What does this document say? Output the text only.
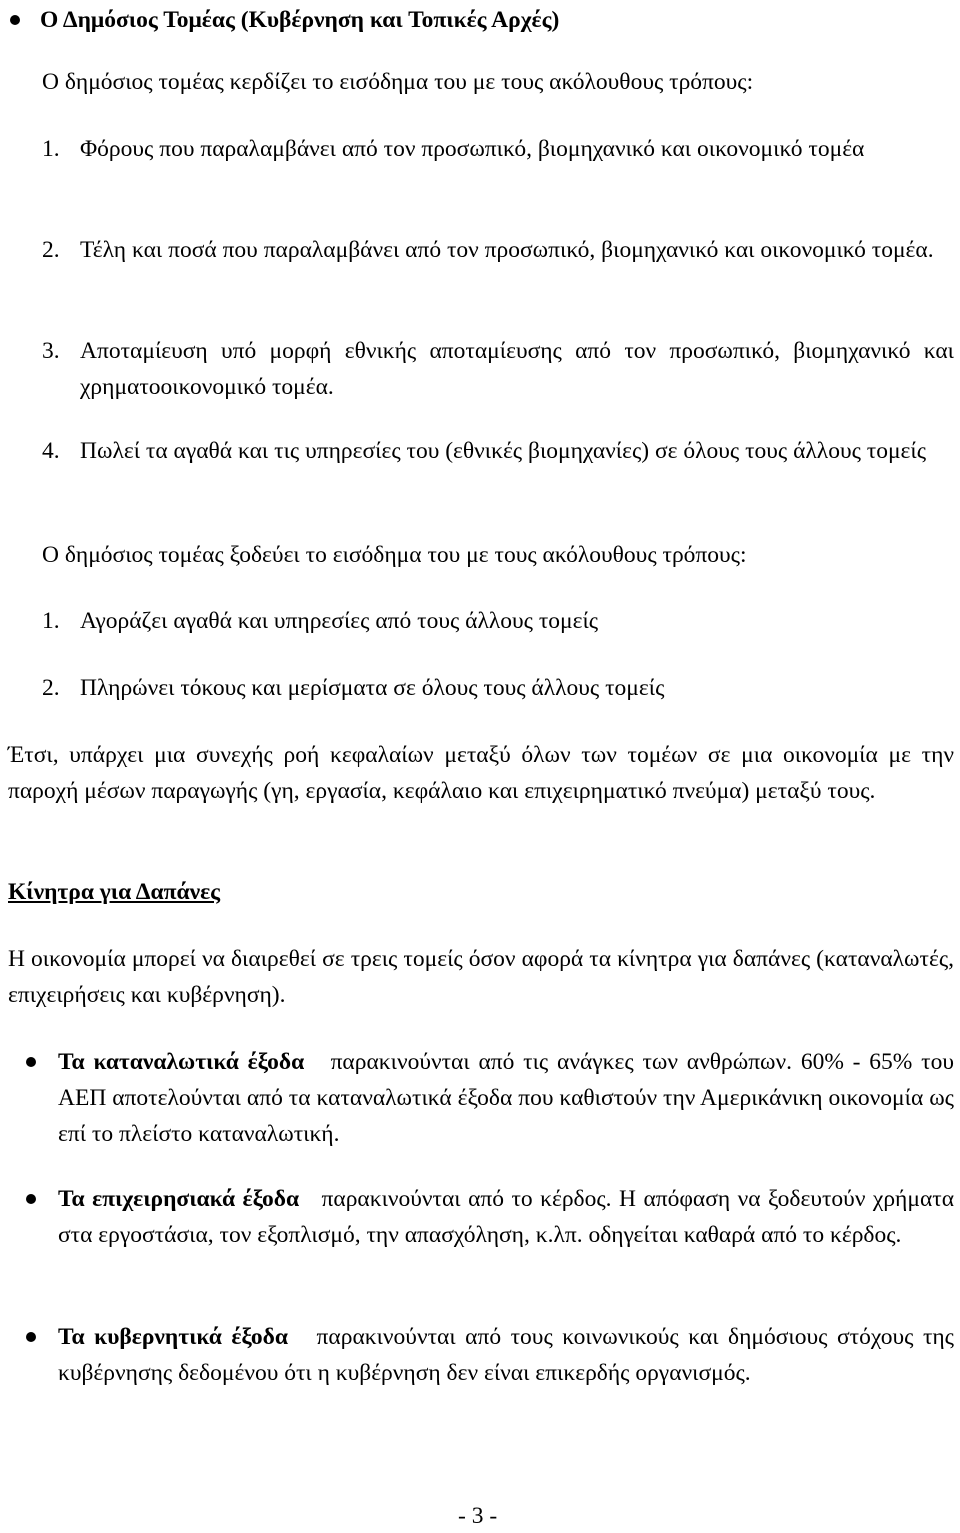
Ο Δημόσιος Τομέας (Κυβέρνηση και Τοπικές Αρχές)

Ο δημόσιος τομέας κερδίζει το εισόδημα του με τους ακόλουθους τρόπους:

1. Φόρους που παραλαμβάνει από τον προσωπικό, βιομηχανικό και οικονομικό τομέα
2. Τέλη και ποσά που παραλαμβάνει από τον προσωπικό, βιομηχανικό και οικονομικό τομέα.
3. Αποταμίευση υπό μορφή εθνικής αποταμίευσης από τον προσωπικό, βιομηχανικό και χρηματοοικονομικό τομέα.
4. Πωλεί τα αγαθά και τις υπηρεσίες του (εθνικές βιομηχανίες) σε όλους τους άλλους τομείς

Ο δημόσιος τομέας ξοδεύει το εισόδημα του με τους ακόλουθους τρόπους:

1. Αγοράζει αγαθά και υπηρεσίες από τους άλλους τομείς
2. Πληρώνει τόκους και μερίσματα σε όλους τους άλλους τομείς

Έτσι, υπάρχει μια συνεχής ροή κεφαλαίων μεταξύ όλων των τομέων σε μια οικονομία με την παροχή μέσων παραγωγής (γη, εργασία, κεφάλαιο και επιχειρηματικό πνεύμα) μεταξύ τους.

Κίνητρα για Δαπάνες

Η οικονομία μπορεί να διαιρεθεί σε τρεις τομείς όσον αφορά τα κίνητρα για δαπάνες (καταναλωτές, επιχειρήσεις και κυβέρνηση).

Τα καταναλωτικά έξοδα παρακινούνται από τις ανάγκες των ανθρώπων. 60% - 65% του ΑΕΠ αποτελούνται από τα καταναλωτικά έξοδα που καθιστούν την Αμερικάνικη οικονομία ως επί το πλείστο καταναλωτική.
Τα επιχειρησιακά έξοδα παρακινούνται από το κέρδος. Η απόφαση να ξοδευτούν χρήματα στα εργοστάσια, τον εξοπλισμό, την απασχόληση, κ.λπ. οδηγείται καθαρά από το κέρδος.
Τα κυβερνητικά έξοδα παρακινούνται από τους κοινωνικούς και δημόσιους στόχους της κυβέρνησης δεδομένου ότι η κυβέρνηση δεν είναι επικερδής οργανισμός.
- 3 -
